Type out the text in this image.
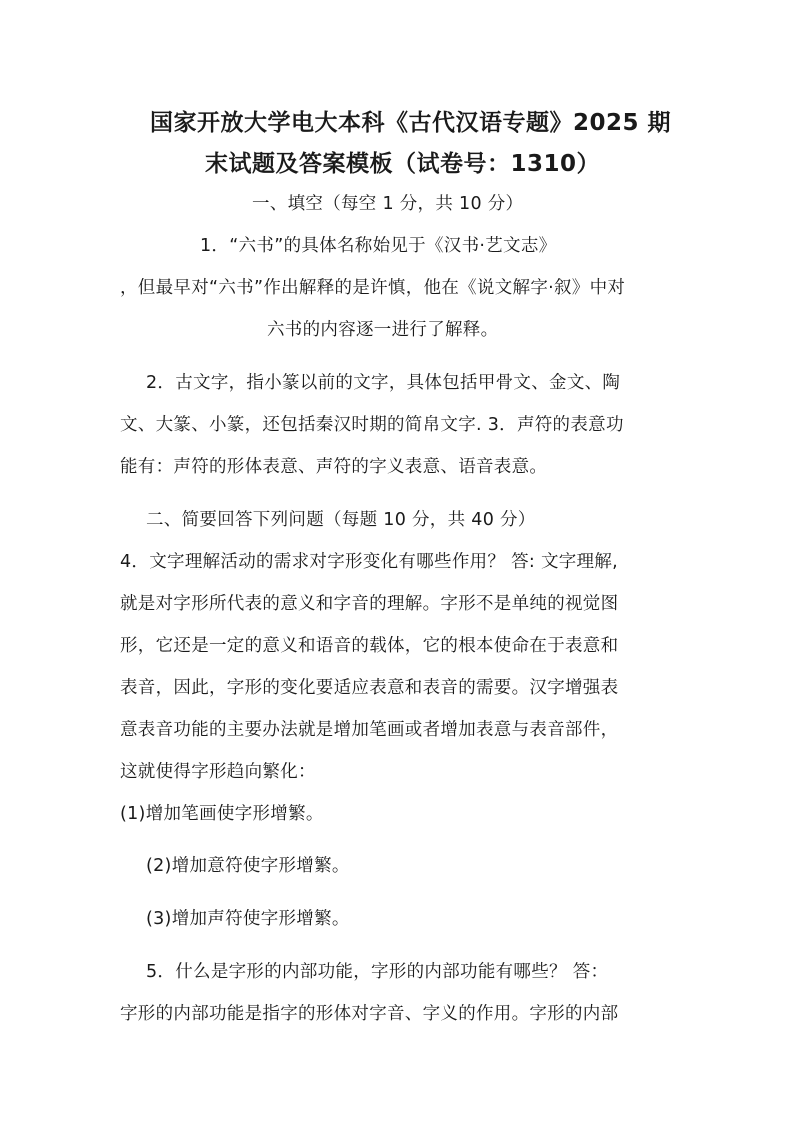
国家开放大学电大本科《古代汉语专题》2025 期
末试题及答案模板（试卷号：1310）
一、填空（每空 1 分，共 10 分）
1．“六书”的具体名称始见于《汉书·艺文志》
，但最早对“六书”作出解释的是许慎，他在《说文解字·叙》中对
六书的内容逐一进行了解释。
2．古文字，指小篆以前的文字，具体包括甲骨文、金文、陶
文、大篆、小篆，还包括秦汉时期的简帛文字. 3．声符的表意功
能有：声符的形体表意、声符的字义表意、语音表意。
二、简要回答下列问题（每题 10 分，共 40 分）
4．文字理解活动的需求对字形变化有哪些作用？ 答: 文字理解,
就是对字形所代表的意义和字音的理解。字形不是单纯的视觉图
形，它还是一定的意义和语音的载体，它的根本使命在于表意和
表音，因此，字形的变化要适应表意和表音的需要。汉字增强表
意表音功能的主要办法就是增加笔画或者增加表意与表音部件，
这就使得字形趋向繁化：
(1)增加笔画使字形增繁。
(2)增加意符使字形增繁。
(3)增加声符使字形增繁。
5．什么是字形的内部功能，字形的内部功能有哪些？ 答：
字形的内部功能是指字的形体对字音、字义的作用。字形的内部
